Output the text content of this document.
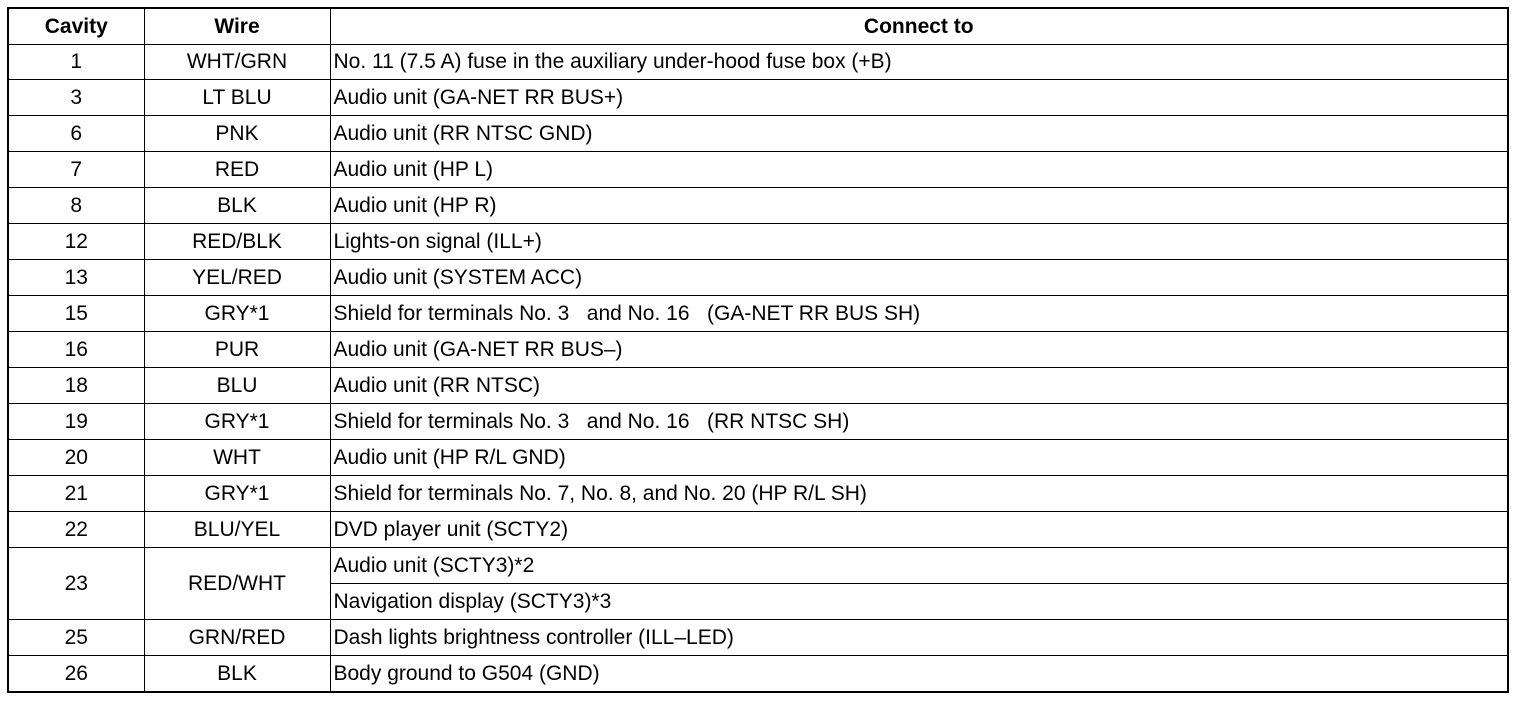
Cavity	Wire	Connect to
1	WHT/GRN	No. 11 (7.5 A) fuse in the auxiliary under-hood fuse box (+B)
3	LT BLU	Audio unit (GA-NET RR BUS+)
6	PNK	Audio unit (RR NTSC GND)
7	RED	Audio unit (HP L)
8	BLK	Audio unit (HP R)
12	RED/BLK	Lights-on signal (ILL+)
13	YEL/RED	Audio unit (SYSTEM ACC)
15	GRY*1	Shield for terminals No. 3   and No. 16   (GA-NET RR BUS SH)
16	PUR	Audio unit (GA-NET RR BUS–)
18	BLU	Audio unit (RR NTSC)
19	GRY*1	Shield for terminals No. 3   and No. 16   (RR NTSC SH)
20	WHT	Audio unit (HP R/L GND)
21	GRY*1	Shield for terminals No. 7, No. 8, and No. 20 (HP R/L SH)
22	BLU/YEL	DVD player unit (SCTY2)
23	RED/WHT	Audio unit (SCTY3)*2
		Navigation display (SCTY3)*3
25	GRN/RED	Dash lights brightness controller (ILL–LED)
26	BLK	Body ground to G504 (GND)
